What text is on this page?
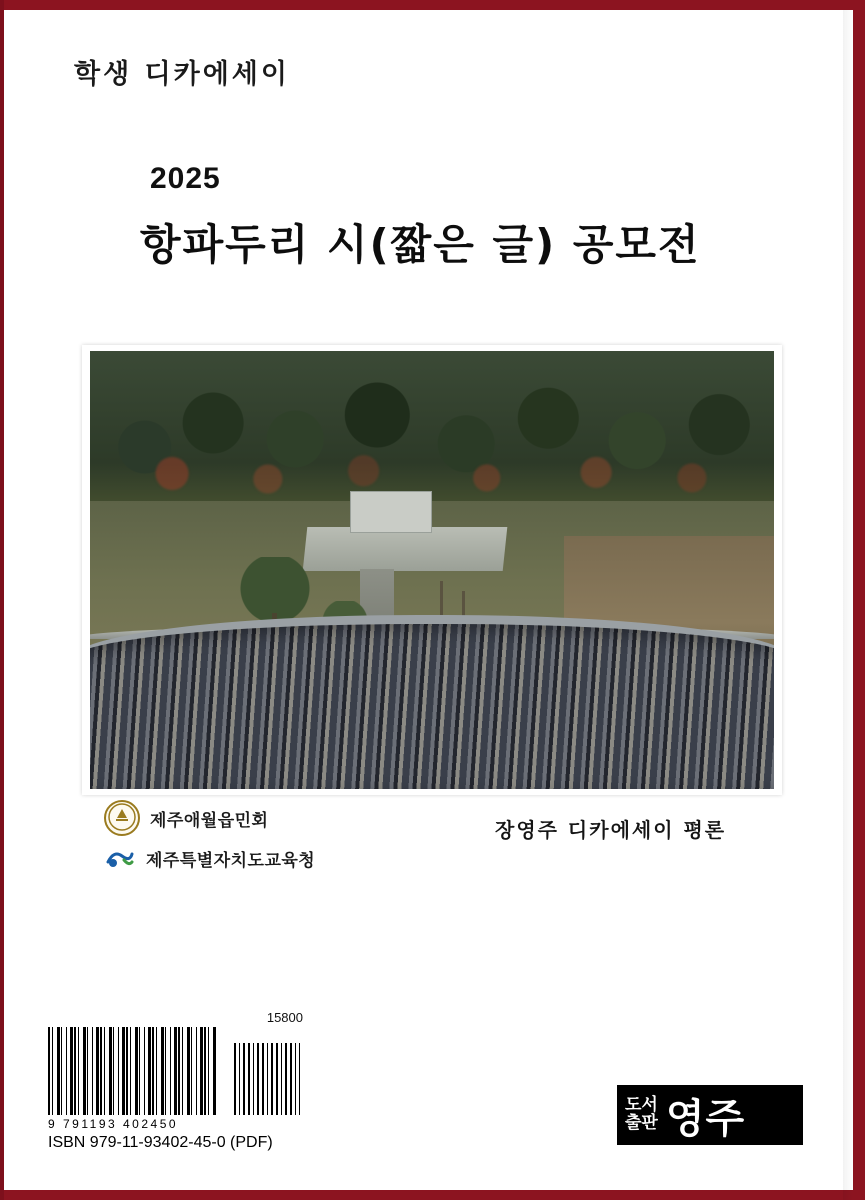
학생 디카에세이
2025
항파두리 시(짧은 글) 공모전
제주애월읍민회
제주특별자치도교육청
장영주 디카에세이 평론
15800

9 791193 402450
ISBN 979-11-93402-45-0 (PDF)
도서
출판 영주
